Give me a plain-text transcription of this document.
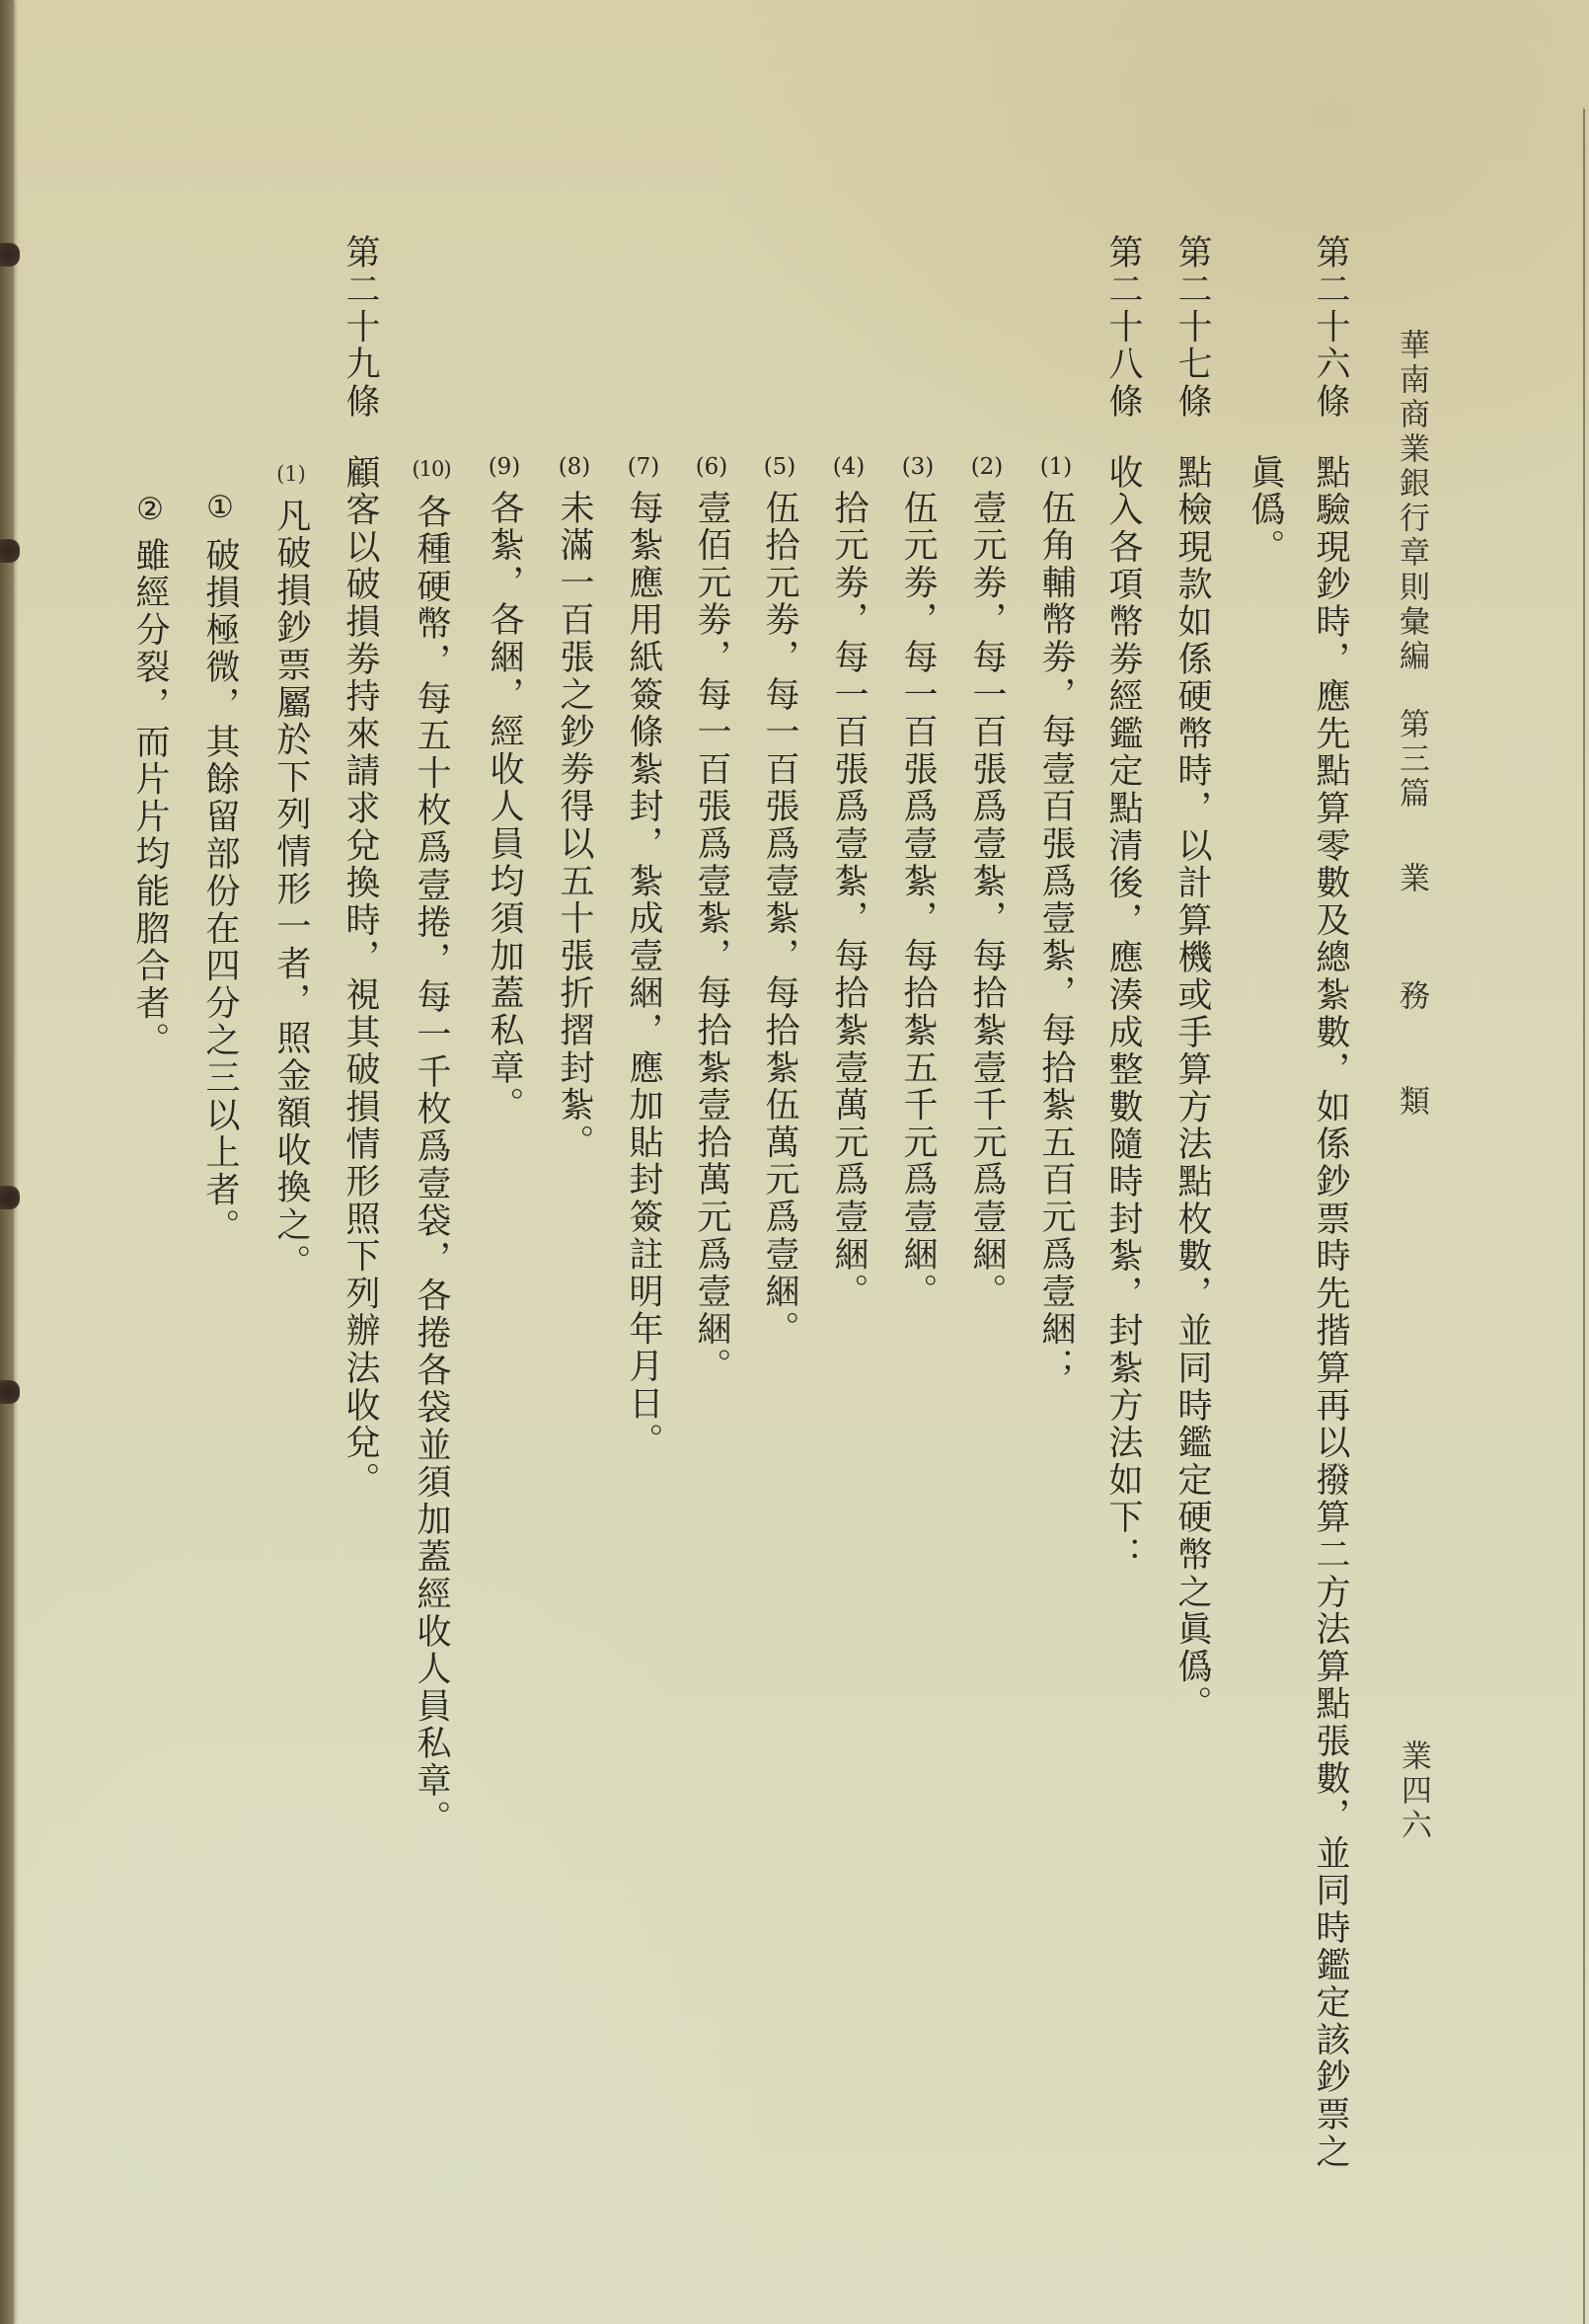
華南商業銀行章則彙編
第三篇
業
務
類
業四六
第二十六條
點驗現鈔時，應先點算零數及總紮數，如係鈔票時先揩算再以撥算二方法算點張數，並同時鑑定該鈔票之
眞僞。
第二十七條
點檢現款如係硬幣時，以計算機或手算方法點枚數，並同時鑑定硬幣之眞僞。
第二十八條
收入各項幣劵經鑑定點清後，應湊成整數隨時封紮，封紮方法如下：
(1)
伍角輔幣劵，每壹百張爲壹紮，每拾紮五百元爲壹綑；
(2)
壹元劵，每一百張爲壹紮，每拾紮壹千元爲壹綑。
(3)
伍元劵，每一百張爲壹紮，每拾紮五千元爲壹綑。
(4)
拾元劵，每一百張爲壹紮，每拾紮壹萬元爲壹綑。
(5)
伍拾元劵，每一百張爲壹紮，每拾紮伍萬元爲壹綑。
(6)
壹佰元劵，每一百張爲壹紮，每拾紮壹拾萬元爲壹綑。
(7)
每紮應用紙簽條紮封，紮成壹綑，應加貼封簽註明年月日。
(8)
未滿一百張之鈔劵得以五十張折摺封紮。
(9)
各紮，各綑，經收人員均須加蓋私章。
(10)
各種硬幣，每五十枚爲壹捲，每一千枚爲壹袋，各捲各袋並須加蓋經收人員私章。
第二十九條
顧客以破損劵持來請求兌換時，視其破損情形照下列辦法收兌。
(1)
凡破損鈔票屬於下列情形一者，照金額收換之。
①
破損極微，其餘留部份在四分之三以上者。
②
雖經分裂，而片片均能脗合者。
